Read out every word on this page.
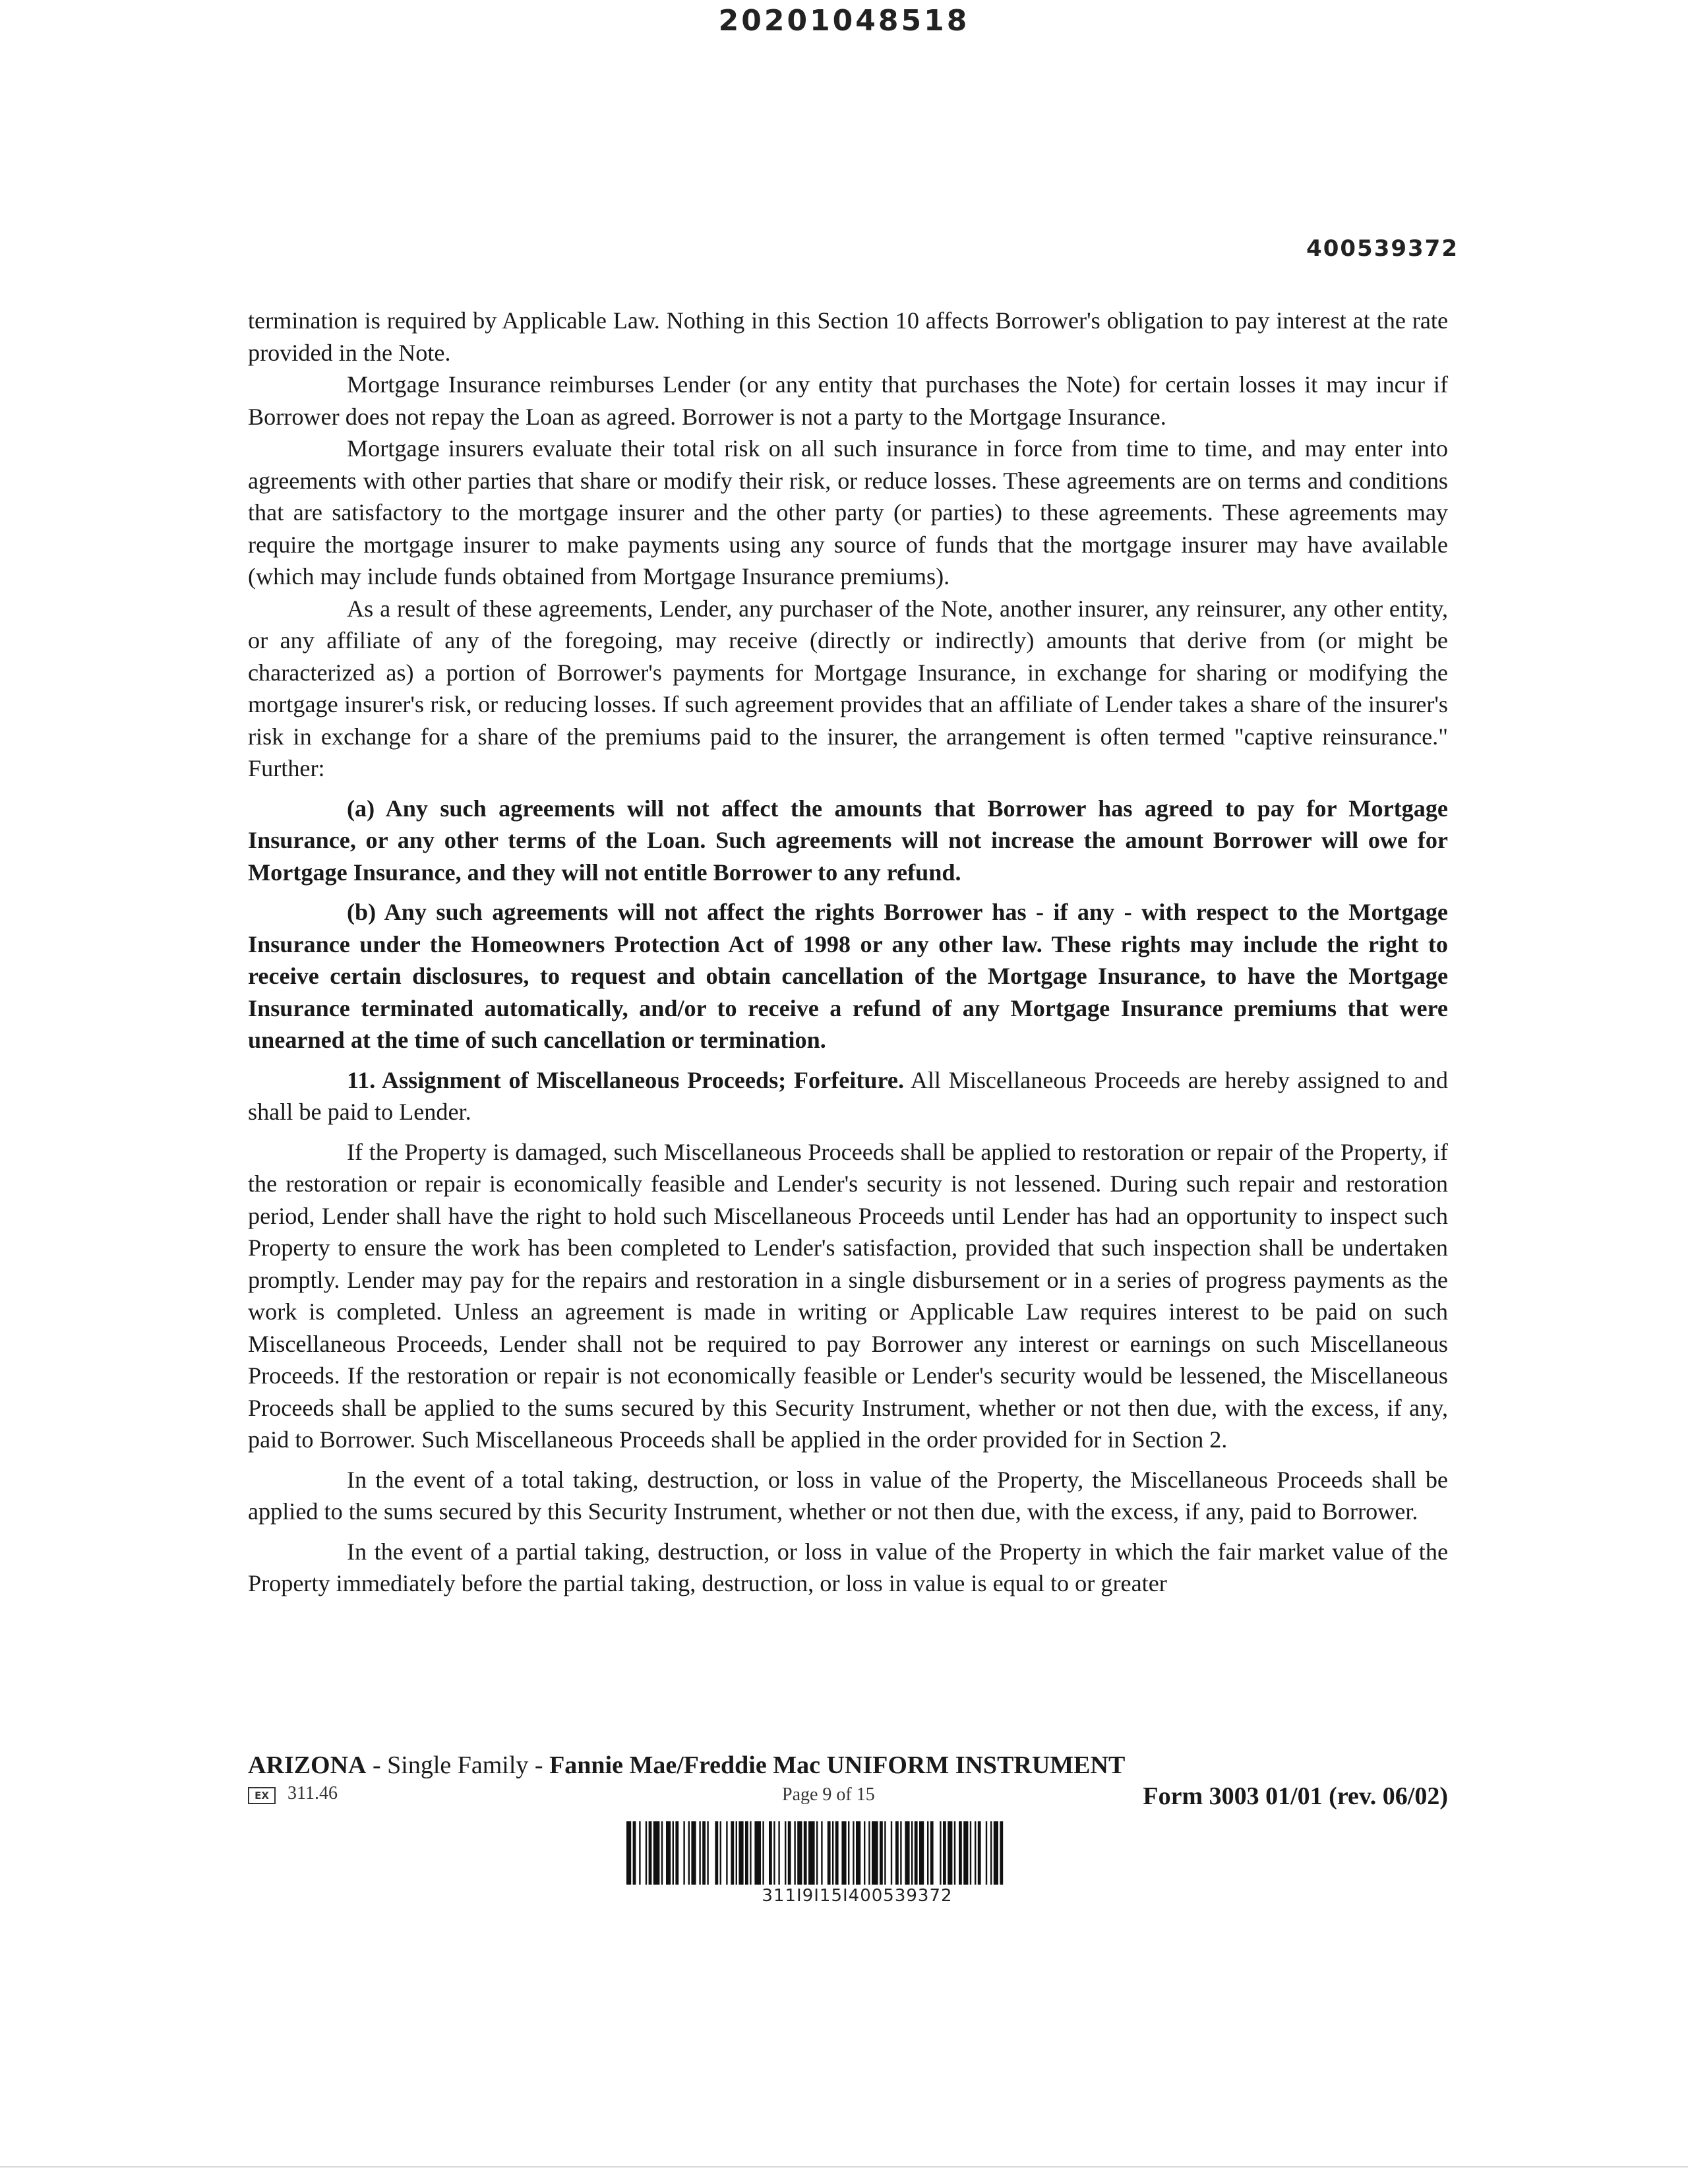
20201048518
400539372

termination is required by Applicable Law. Nothing in this Section 10 affects Borrower's obligation to pay interest at the rate provided in the Note.

Mortgage Insurance reimburses Lender (or any entity that purchases the Note) for certain losses it may incur if Borrower does not repay the Loan as agreed. Borrower is not a party to the Mortgage Insurance.

Mortgage insurers evaluate their total risk on all such insurance in force from time to time, and may enter into agreements with other parties that share or modify their risk, or reduce losses. These agreements are on terms and conditions that are satisfactory to the mortgage insurer and the other party (or parties) to these agreements. These agreements may require the mortgage insurer to make payments using any source of funds that the mortgage insurer may have available (which may include funds obtained from Mortgage Insurance premiums).

As a result of these agreements, Lender, any purchaser of the Note, another insurer, any reinsurer, any other entity, or any affiliate of any of the foregoing, may receive (directly or indirectly) amounts that derive from (or might be characterized as) a portion of Borrower's payments for Mortgage Insurance, in exchange for sharing or modifying the mortgage insurer's risk, or reducing losses. If such agreement provides that an affiliate of Lender takes a share of the insurer's risk in exchange for a share of the premiums paid to the insurer, the arrangement is often termed "captive reinsurance." Further:

(a) Any such agreements will not affect the amounts that Borrower has agreed to pay for Mortgage Insurance, or any other terms of the Loan. Such agreements will not increase the amount Borrower will owe for Mortgage Insurance, and they will not entitle Borrower to any refund.

(b) Any such agreements will not affect the rights Borrower has - if any - with respect to the Mortgage Insurance under the Homeowners Protection Act of 1998 or any other law. These rights may include the right to receive certain disclosures, to request and obtain cancellation of the Mortgage Insurance, to have the Mortgage Insurance terminated automatically, and/or to receive a refund of any Mortgage Insurance premiums that were unearned at the time of such cancellation or termination.

11. Assignment of Miscellaneous Proceeds; Forfeiture. All Miscellaneous Proceeds are hereby assigned to and shall be paid to Lender.

If the Property is damaged, such Miscellaneous Proceeds shall be applied to restoration or repair of the Property, if the restoration or repair is economically feasible and Lender's security is not lessened. During such repair and restoration period, Lender shall have the right to hold such Miscellaneous Proceeds until Lender has had an opportunity to inspect such Property to ensure the work has been completed to Lender's satisfaction, provided that such inspection shall be undertaken promptly. Lender may pay for the repairs and restoration in a single disbursement or in a series of progress payments as the work is completed. Unless an agreement is made in writing or Applicable Law requires interest to be paid on such Miscellaneous Proceeds, Lender shall not be required to pay Borrower any interest or earnings on such Miscellaneous Proceeds. If the restoration or repair is not economically feasible or Lender's security would be lessened, the Miscellaneous Proceeds shall be applied to the sums secured by this Security Instrument, whether or not then due, with the excess, if any, paid to Borrower. Such Miscellaneous Proceeds shall be applied in the order provided for in Section 2.

In the event of a total taking, destruction, or loss in value of the Property, the Miscellaneous Proceeds shall be applied to the sums secured by this Security Instrument, whether or not then due, with the excess, if any, paid to Borrower.

In the event of a partial taking, destruction, or loss in value of the Property in which the fair market value of the Property immediately before the partial taking, destruction, or loss in value is equal to or greater

ARIZONA - Single Family - Fannie Mae/Freddie Mac UNIFORM INSTRUMENT
EX	311.46	Page 9 of 15	Form 3003 01/01 (rev. 06/02)
311I9I15I400539372
